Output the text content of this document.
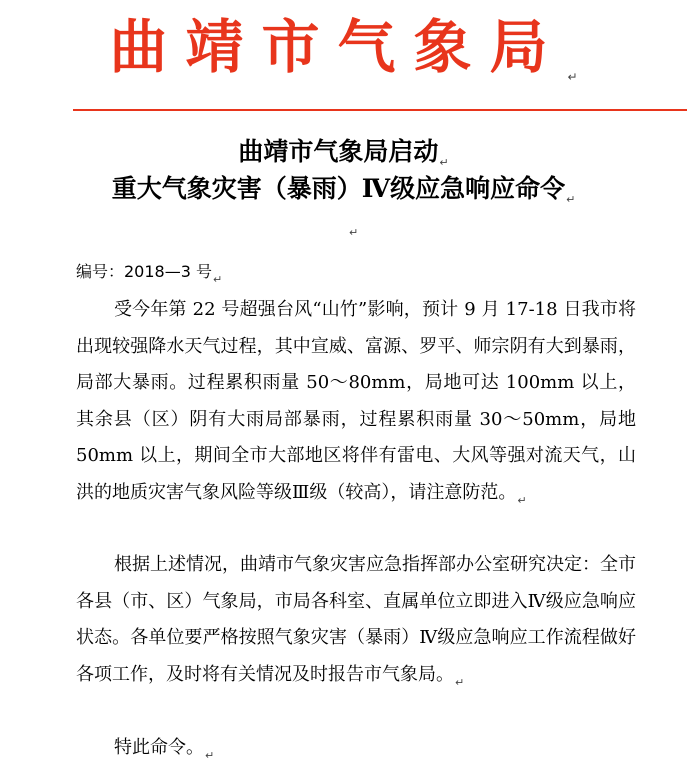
曲靖市气象局 $_↵$
曲靖市气象局启动$_↵$
重大气象灾害（暴雨）Ⅳ级应急响应命令$_↵$
↵
编号：2018—3 号$_↵$

受今年第 22 号超强台风“山竹”影响，预计 9 月 17-18 日我市将出现较强降水天气过程，其中宣威、富源、罗平、师宗阴有大到暴雨，局部大暴雨。过程累积雨量 50～80mm，局地可达 100mm 以上，其余县（区）阴有大雨局部暴雨，过程累积雨量 30～50mm，局地 50mm 以上，期间全市大部地区将伴有雷电、大风等强对流天气，山洪的地质灾害气象风险等级Ⅲ级（较高），请注意防范。$_↵$

根据上述情况，曲靖市气象灾害应急指挥部办公室研究决定：全市各县（市、区）气象局，市局各科室、直属单位立即进入Ⅳ级应急响应状态。各单位要严格按照气象灾害（暴雨）Ⅳ级应急响应工作流程做好各项工作，及时将有关情况及时报告市气象局。$_↵$

特此命令。$_↵$
